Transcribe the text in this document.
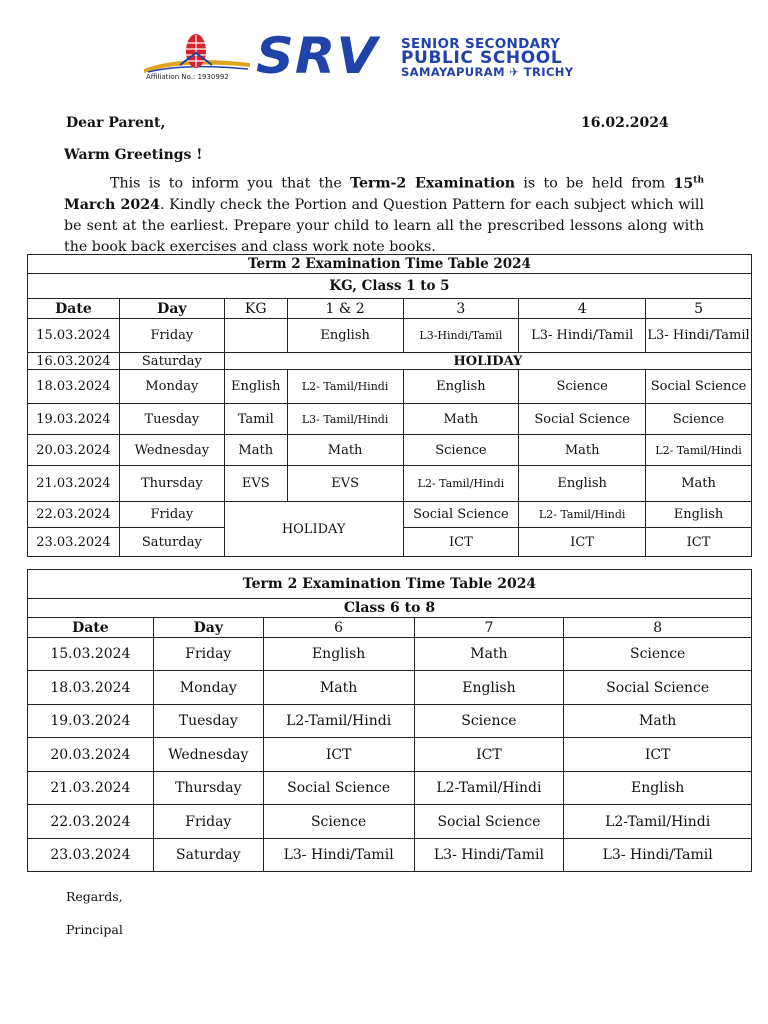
Affiliation No.: 1930992 SRV SENIOR SECONDARY
PUBLIC SCHOOL
SAMAYAPURAM ✈ TRICHY
Dear Parent,	16.02.2024
Warm Greetings !

This is to inform you that the Term-2 Examination is to be held from 15th March 2024. Kindly check the Portion and Question Pattern for each subject which will be sent at the earliest. Prepare your child to learn all the prescribed lessons along with the book back exercises and class work note books.

Term 2 Examination Time Table 2024						
KG, Class 1 to 5						
Date	Day	KG	1 & 2	3	4	5
15.03.2024	Friday		English	L3-Hindi/Tamil	L3- Hindi/Tamil	L3- Hindi/Tamil
16.03.2024	Saturday	HOLIDAY				
18.03.2024	Monday	English	L2- Tamil/Hindi	English	Science	Social Science
19.03.2024	Tuesday	Tamil	L3- Tamil/Hindi	Math	Social Science	Science
20.03.2024	Wednesday	Math	Math	Science	Math	L2- Tamil/Hindi
21.03.2024	Thursday	EVS	EVS	L2- Tamil/Hindi	English	Math
22.03.2024	Friday	HOLIDAY		Social Science	L2- Tamil/Hindi	English
23.03.2024	Saturday			ICT	ICT	ICT
Term 2 Examination Time Table 2024				
Class 6 to 8				
Date	Day	6	7	8
15.03.2024	Friday	English	Math	Science
18.03.2024	Monday	Math	English	Social Science
19.03.2024	Tuesday	L2-Tamil/Hindi	Science	Math
20.03.2024	Wednesday	ICT	ICT	ICT
21.03.2024	Thursday	Social Science	L2-Tamil/Hindi	English
22.03.2024	Friday	Science	Social Science	L2-Tamil/Hindi
23.03.2024	Saturday	L3- Hindi/Tamil	L3- Hindi/Tamil	L3- Hindi/Tamil
Regards,
Principal
